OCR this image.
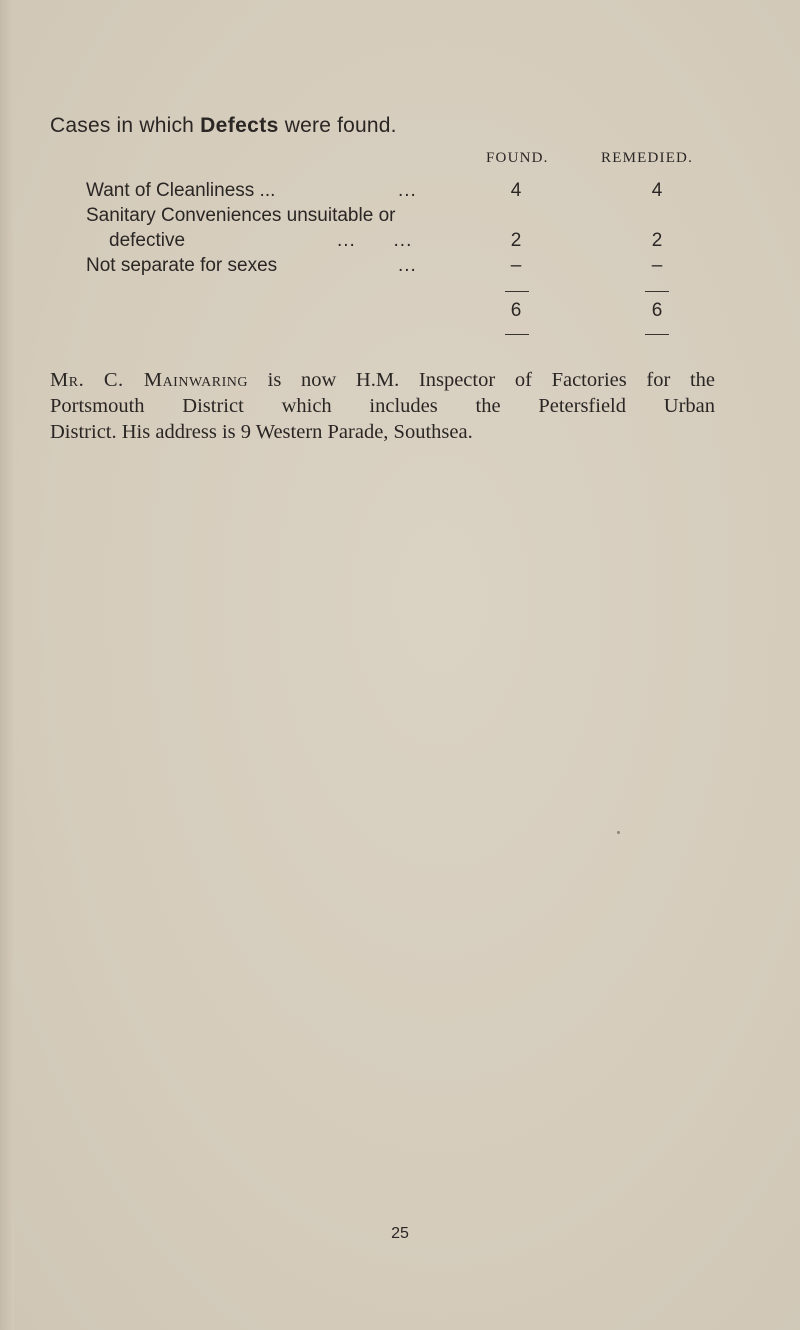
Cases in which Defects were found.
FOUND.	REMEDIED.
Want of Cleanliness ...	...	4	4
Sanitary Conveniences unsuitable or
defective	...      ...	2	2
Not separate for sexes	...	–	–
6	6
Mr. C. Mainwaring is now H.M. Inspector of Factories for the
Portsmouth District which includes the Petersfield Urban
District. His address is 9 Western Parade, Southsea.
25
